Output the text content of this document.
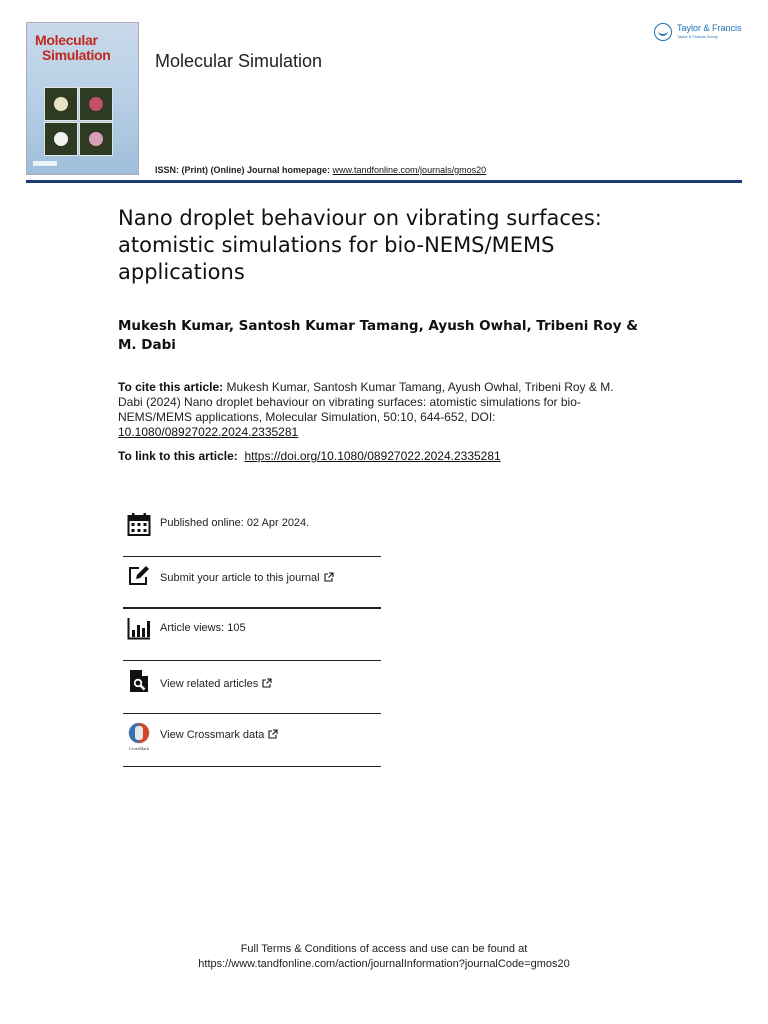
Molecular
Simulation Molecular Simulation
Taylor & Francis
Taylor & Francis Group
ISSN: (Print) (Online) Journal homepage: www.tandfonline.com/journals/gmos20
Nano droplet behaviour on vibrating surfaces: atomistic simulations for bio-NEMS/MEMS applications
Mukesh Kumar, Santosh Kumar Tamang, Ayush Owhal, Tribeni Roy & M. Dabi
To cite this article: Mukesh Kumar, Santosh Kumar Tamang, Ayush Owhal, Tribeni Roy & M. Dabi (2024) Nano droplet behaviour on vibrating surfaces: atomistic simulations for bio-NEMS/MEMS applications, Molecular Simulation, 50:10, 644-652, DOI: 10.1080/08927022.2024.2335281
To link to this article:  https://doi.org/10.1080/08927022.2024.2335281
Published online: 02 Apr 2024.
Submit your article to this journal
Article views: 105
View related articles
CrossMark
View Crossmark data
Full Terms & Conditions of access and use can be found at
https://www.tandfonline.com/action/journalInformation?journalCode=gmos20
